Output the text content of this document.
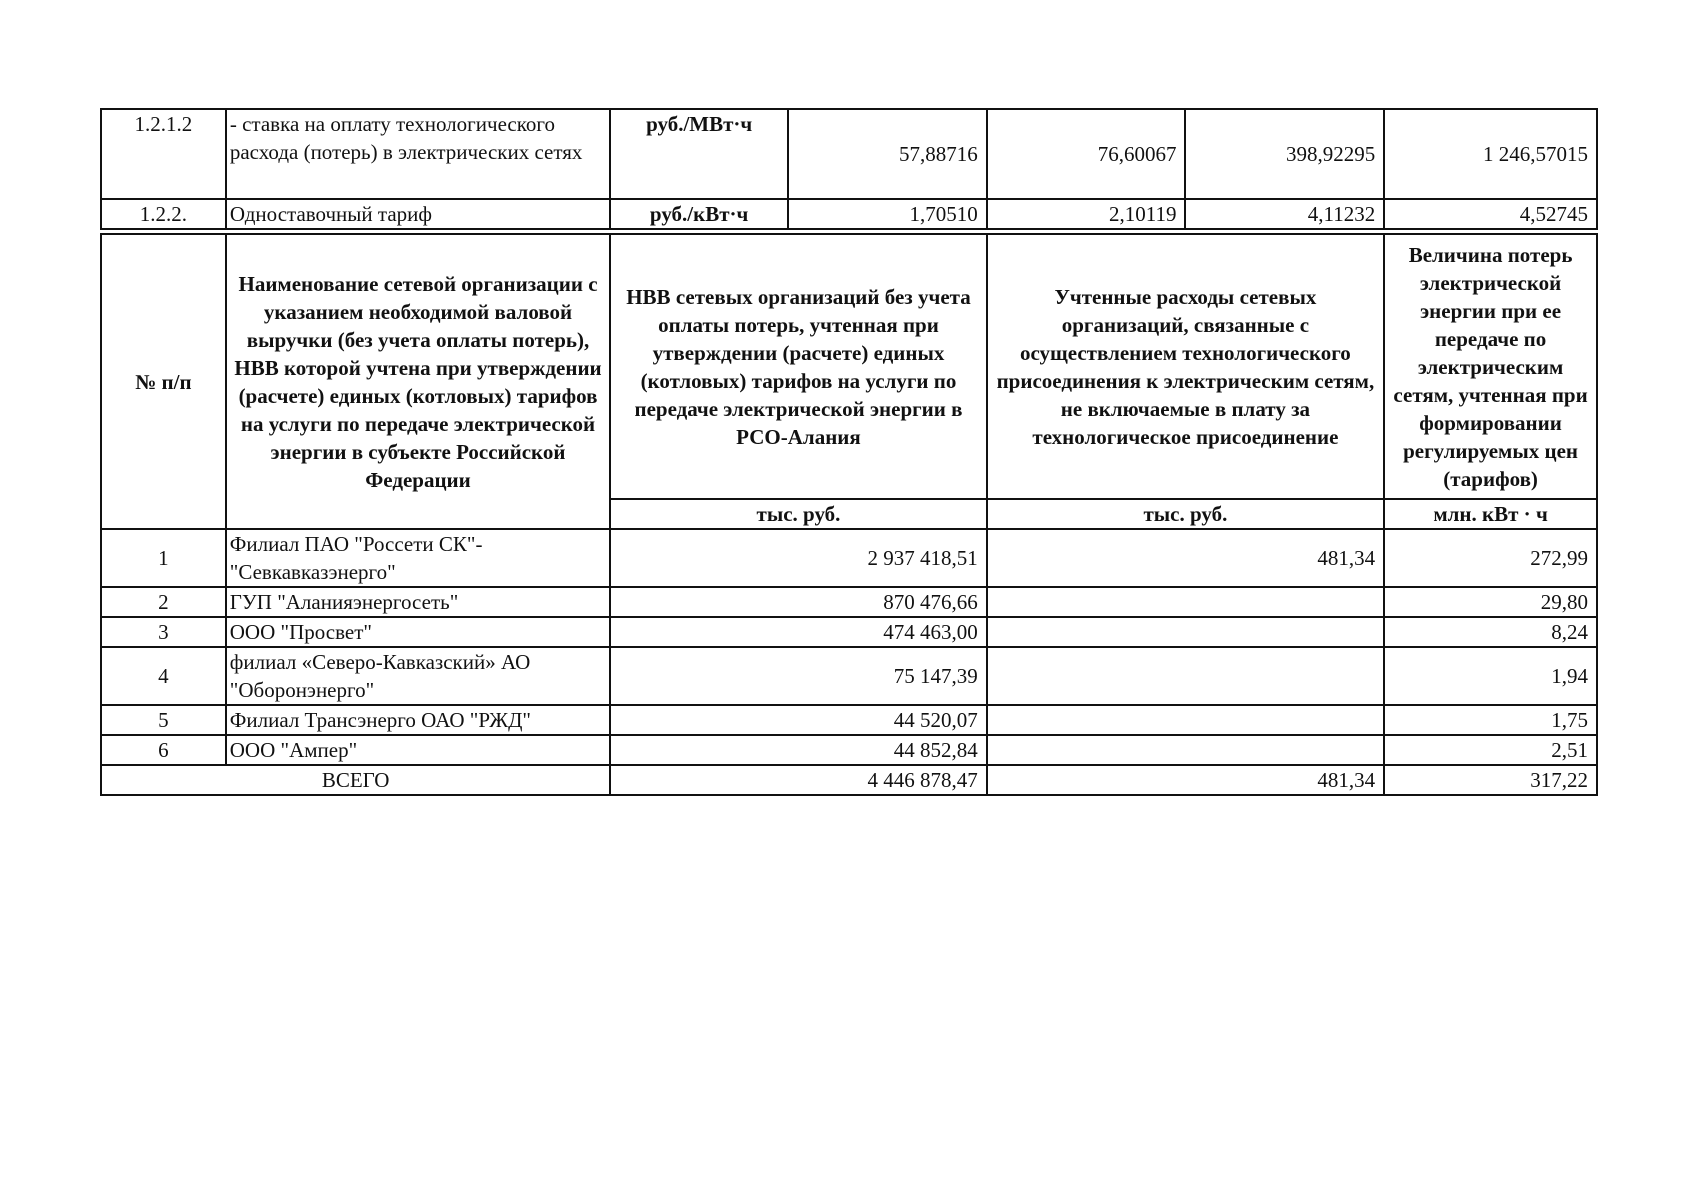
1.2.1.2	- ставка на оплату технологического расхода (потерь) в электрических сетях	руб./МВт·ч	57,88716	76,60067	398,92295	1 246,57015
1.2.2.	Одноставочный тариф	руб./кВт·ч	1,70510	2,10119	4,11232	4,52745
№ п/п	Наименование сетевой организации с указанием необходимой валовой выручки (без учета оплаты потерь), НВВ которой учтена при утверждении (расчете) единых (котловых) тарифов на услуги по передаче электрической энергии в субъекте Российской Федерации	НВВ сетевых организаций без учета оплаты потерь, учтенная при утверждении (расчете) единых (котловых) тарифов на услуги по передаче электрической энергии в РСО-Алания	Учтенные расходы сетевых организаций, связанные с осуществлением технологического присоединения к электрическим сетям, не включаемые в плату за технологическое присоединение	Величина потерь электрической энергии при ее передаче по электрическим сетям, учтенная при формировании регулируемых цен (тарифов)
		тыс. руб.	тыс. руб.	млн. кВт · ч
1	Филиал ПАО "Россети СК"- "Севкавказэнерго"	2 937 418,51	481,34	272,99
2	ГУП "Аланияэнергосеть"	870 476,66		29,80
3	ООО "Просвет"	474 463,00		8,24
4	филиал «Северо-Кавказский» АО "Оборонэнерго"	75 147,39		1,94
5	Филиал Трансэнерго ОАО "РЖД"	44 520,07		1,75
6	ООО "Ампер"	44 852,84		2,51
ВСЕГО		4 446 878,47	481,34	317,22
